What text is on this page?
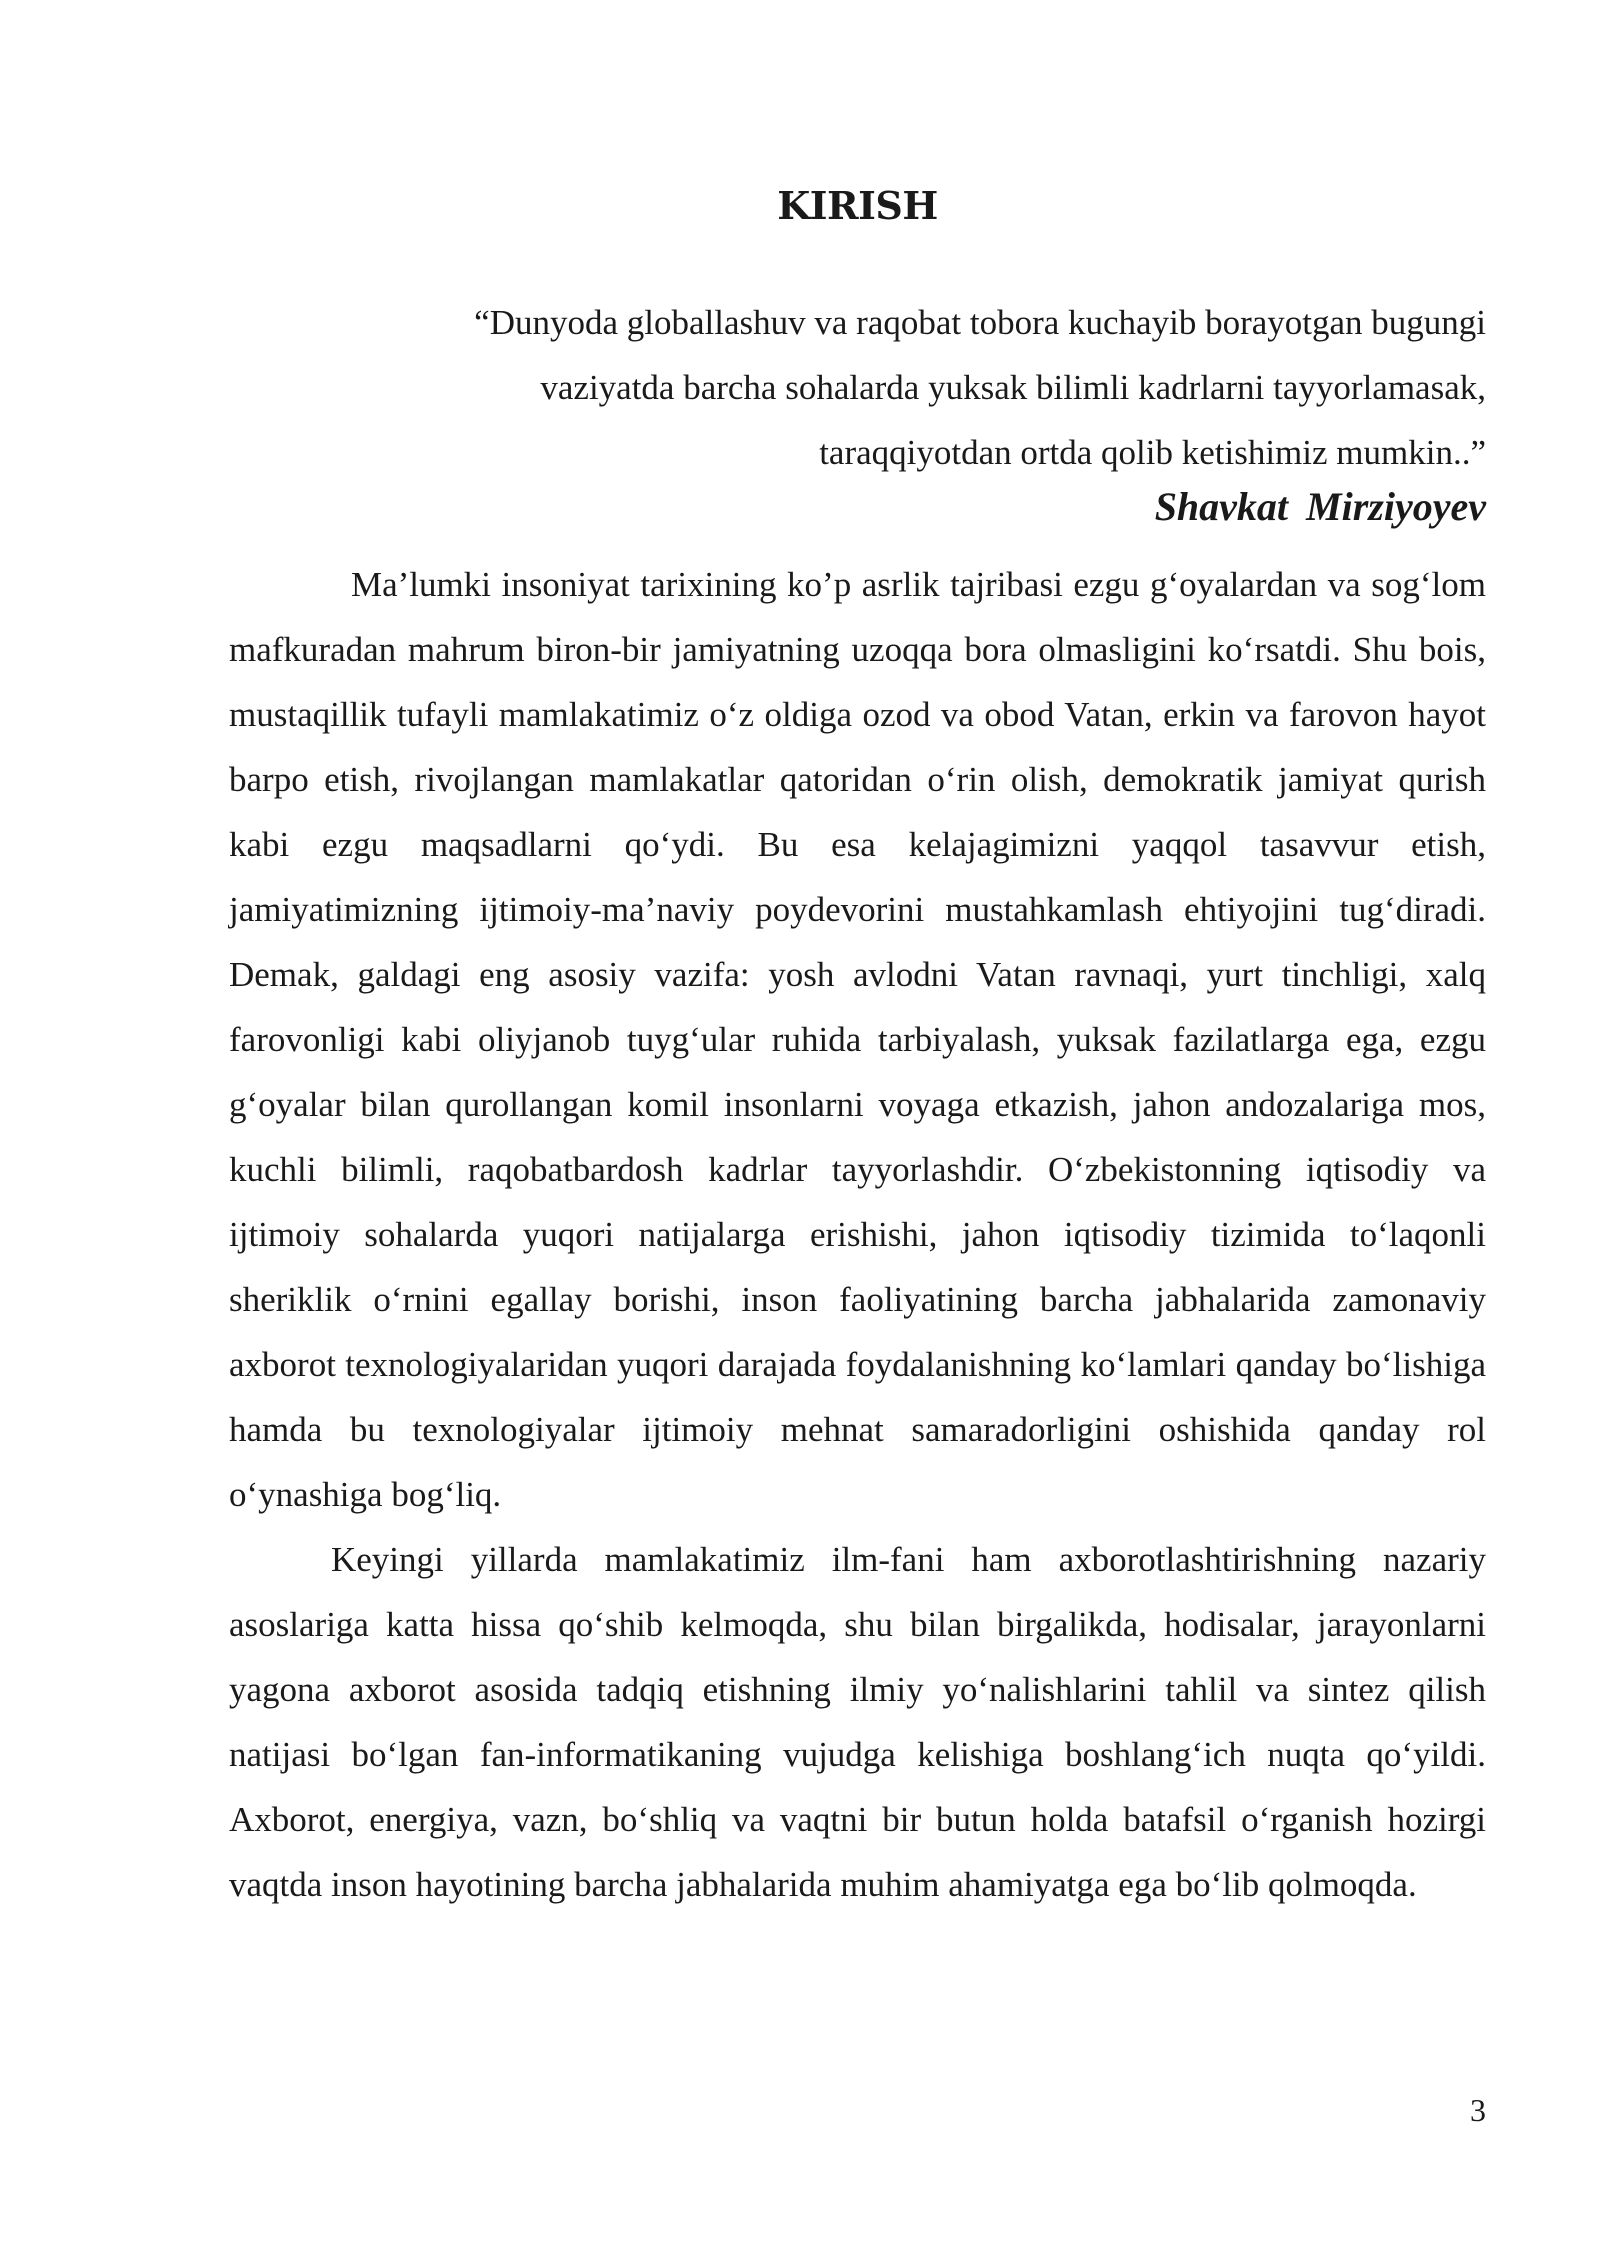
KIRISH
“Dunyoda globallashuv va raqobat tobora kuchayib borayotgan bugungi
vaziyatda barcha sohalarda yuksak bilimli kadrlarni tayyorlamasak,
taraqqiyotdan ortda qolib ketishimiz mumkin..”
Shavkat Mirziyoyev

Ma’lumki insoniyat tarixining ko’p asrlik tajribasi ezgu g‘oyalardan va sog‘lom mafkuradan mahrum biron-bir jamiyatning uzoqqa bora olmasligini ko‘rsatdi. Shu bois, mustaqillik tufayli mamlakatimiz o‘z oldiga ozod va obod Vatan, erkin va farovon hayot barpo etish, rivojlangan mamlakatlar qatoridan o‘rin olish, demokratik jamiyat qurish kabi ezgu maqsadlarni qo‘ydi. Bu esa kelajagimizni yaqqol tasavvur etish, jamiyatimizning ijtimoiy-ma’naviy poydevorini mustahkamlash ehtiyojini tug‘diradi. Demak, galdagi eng asosiy vazifa: yosh avlodni Vatan ravnaqi, yurt tinchligi, xalq farovonligi kabi oliyjanob tuyg‘ular ruhida tarbiyalash, yuksak fazilatlarga ega, ezgu g‘oyalar bilan qurollangan komil insonlarni voyaga etkazish, jahon andozalariga mos, kuchli bilimli, raqobatbardosh kadrlar tayyorlashdir. O‘zbekistonning iqtisodiy va ijtimoiy sohalarda yuqori natijalarga erishishi, jahon iqtisodiy tizimida to‘laqonli sheriklik o‘rnini egallay borishi, inson faoliyatining barcha jabhalarida zamonaviy axborot texnologiyalaridan yuqori darajada foydalanishning ko‘lamlari qanday bo‘lishiga hamda bu texnologiyalar ijtimoiy mehnat samaradorligini oshishida qanday rol o‘ynashiga bog‘liq.

Keyingi yillarda mamlakatimiz ilm-fani ham axborotlashtirishning nazariy asoslariga katta hissa qo‘shib kelmoqda, shu bilan birgalikda, hodisalar, jarayonlarni yagona axborot asosida tadqiq etishning ilmiy yo‘nalishlarini tahlil va sintez qilish natijasi bo‘lgan fan-informatikaning vujudga kelishiga boshlang‘ich nuqta qo‘yildi. Axborot, energiya, vazn, bo‘shliq va vaqtni bir butun holda batafsil o‘rganish hozirgi vaqtda inson hayotining barcha jabhalarida muhim ahamiyatga ega bo‘lib qolmoqda.

3
